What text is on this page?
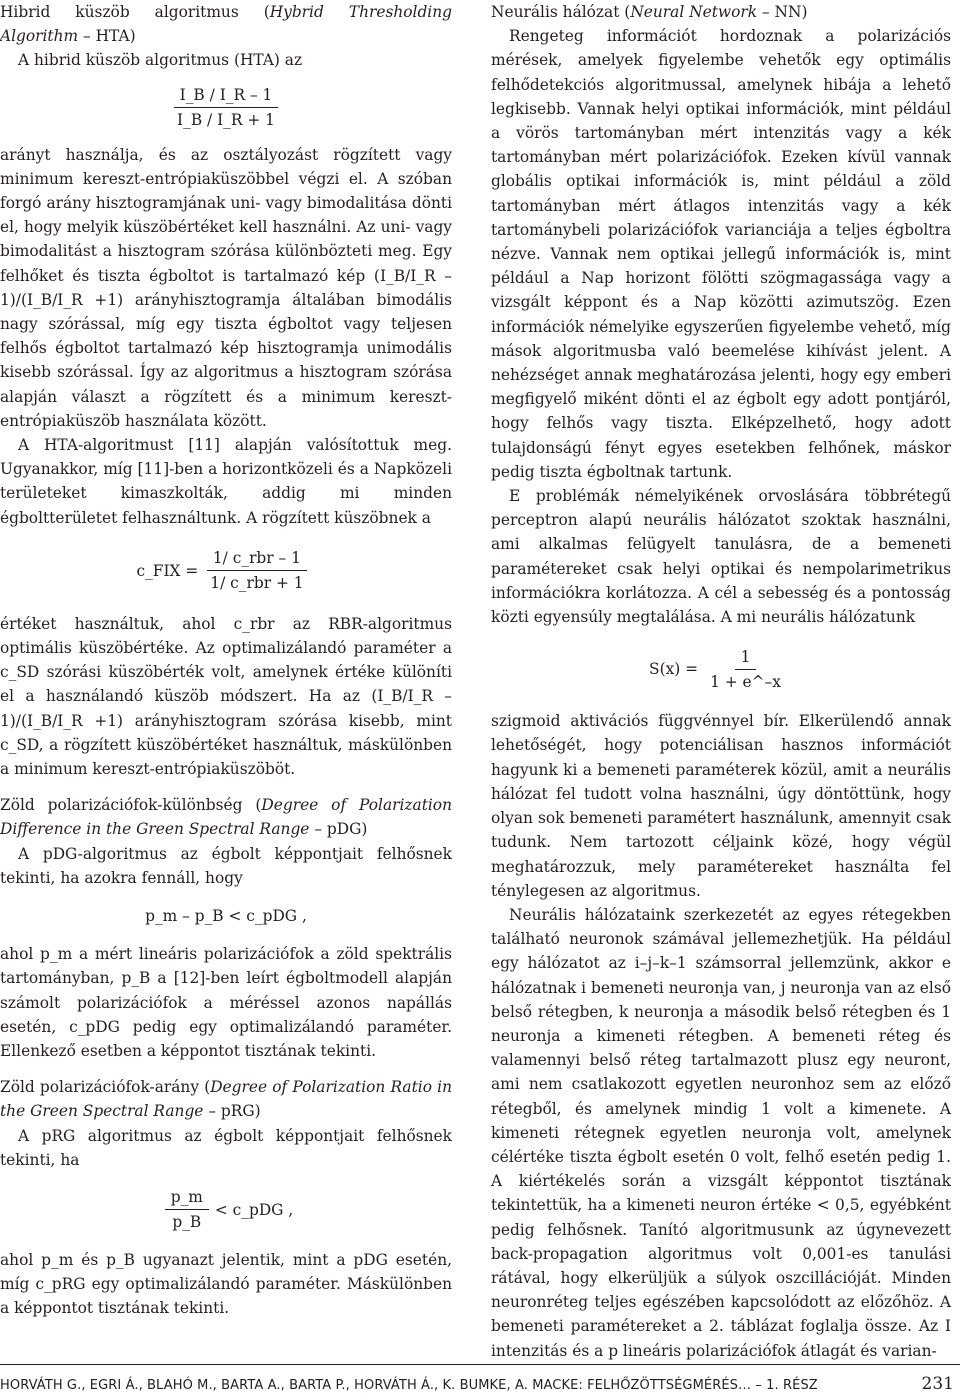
Hibrid küszöb algoritmus (Hybrid Thresholding Algorithm – HTA)

A hibrid küszöb algoritmus (HTA) az

$\frac{I\_B / I\_R - 1}{I\_B / I\_R + 1}$

arányt használja, és az osztályozást rögzített vagy minimum kereszt-entrópiaküszöbbel végzi el. A szóban forgó arány hisztogramjának uni- vagy bimodalitása dönti el, hogy melyik küszöbértéket kell használni. Az uni- vagy bimodalitást a hisztogram szórása különbözteti meg. Egy felhőket és tiszta égboltot is tartalmazó kép (I_B/I_R – 1)/(I_B/I_R +1) arányhisztogramja általában bimodális nagy szórással, míg egy tiszta égboltot vagy teljesen felhős égboltot tartalmazó kép hisztogramja unimodális kisebb szórással. Így az algoritmus a hisztogram szórása alapján választ a rögzített és a minimum kereszt-entrópiaküszöb használata között.

A HTA-algoritmust [11] alapján valósítottuk meg. Ugyanakkor, míg [11]-ben a horizontközeli és a Napközeli területeket kimaszkolták, addig mi minden égboltterületet felhasználtunk. A rögzített küszöbnek a

c_FIX = $\frac{\text{1/ c\_rbr – 1}}{\text{1/ c\_rbr + 1}}$

értéket használtuk, ahol c_rbr az RBR-algoritmus optimális küszöbértéke. Az optimalizálandó paraméter a c_SD szórási küszöbérték volt, amelynek értéke különíti el a használandó küszöb módszert. Ha az (I_B/I_R – 1)/(I_B/I_R +1) arányhisztogram szórása kisebb, mint c_SD, a rögzített küszöbértéket használtuk, máskülönben a minimum kereszt-entrópiaküszöböt.

Zöld polarizációfok-különbség (Degree of Polarization Difference in the Green Spectral Range – pDG)

A pDG-algoritmus az égbolt képpontjait felhősnek tekinti, ha azokra fennáll, hogy

p_m – p_B < c_pDG ,

ahol p_m a mért lineáris polarizációfok a zöld spektrális tartományban, p_B a [12]-ben leírt égboltmodell alapján számolt polarizációfok a méréssel azonos napállás esetén, c_pDG pedig egy optimalizálandó paraméter. Ellenkező esetben a képpontot tisztának tekinti.

Zöld polarizációfok-arány (Degree of Polarization Ratio in the Green Spectral Range – pRG)

A pRG algoritmus az égbolt képpontjait felhősnek tekinti, ha

$\frac{p\_m}{p\_B}$ < c_pDG ,

ahol p_m és p_B ugyanazt jelentik, mint a pDG esetén, míg c_pRG egy optimalizálandó paraméter. Máskülönben a képpontot tisztának tekinti.

Neurális hálózat (Neural Network – NN)

Rengeteg információt hordoznak a polarizációs mérések, amelyek figyelembe vehetők egy optimális felhődetekciós algoritmussal, amelynek hibája a lehető legkisebb. Vannak helyi optikai információk, mint például a vörös tartományban mért intenzitás vagy a kék tartományban mért polarizációfok. Ezeken kívül vannak globális optikai információk is, mint például a zöld tartományban mért átlagos intenzitás vagy a kék tartománybeli polarizációfok varianciája a teljes égboltra nézve. Vannak nem optikai jellegű információk is, mint például a Nap horizont fölötti szögmagassága vagy a vizsgált képpont és a Nap közötti azimutszög. Ezen információk némelyike egyszerűen figyelembe vehető, míg mások algoritmusba való beemelése kihívást jelent. A nehézséget annak meghatározása jelenti, hogy egy emberi megfigyelő miként dönti el az égbolt egy adott pontjáról, hogy felhős vagy tiszta. Elképzelhető, hogy adott tulajdonságú fényt egyes esetekben felhőnek, máskor pedig tiszta égboltnak tartunk.

E problémák némelyikének orvoslására többrétegű perceptron alapú neurális hálózatot szoktak használni, ami alkalmas felügyelt tanulásra, de a bemeneti paramétereket csak helyi optikai és nempolarimetrikus információkra korlátozza. A cél a sebesség és a pontosság közti egyensúly megtalálása. A mi neurális hálózatunk

$S(x) = \frac{1}{1 + e\^{}-x}$

szigmoid aktivációs függvénnyel bír. Elkerülendő annak lehetőségét, hogy potenciálisan hasznos információt hagyunk ki a bemeneti paraméterek közül, amit a neurális hálózat fel tudott volna használni, úgy döntöttünk, hogy olyan sok bemeneti paramétert használunk, amennyit csak tudunk. Nem tartozott céljaink közé, hogy végül meghatározzuk, mely paramétereket használta fel ténylegesen az algoritmus.

Neurális hálózataink szerkezetét az egyes rétegekben található neuronok számával jellemezhetjük. Ha például egy hálózatot az i–j–k–1 számsorral jellemzünk, akkor e hálózatnak i bemeneti neuronja van, j neuronja van az első belső rétegben, k neuronja a második belső rétegben és 1 neuronja a kimeneti rétegben. A bemeneti réteg és valamennyi belső réteg tartalmazott plusz egy neuront, ami nem csatlakozott egyetlen neuronhoz sem az előző rétegből, és amelynek mindig 1 volt a kimenete. A kimeneti rétegnek egyetlen neuronja volt, amelynek célértéke tiszta égbolt esetén 0 volt, felhő esetén pedig 1. A kiértékelés során a vizsgált képpontot tisztának tekintettük, ha a kimeneti neuron értéke < 0,5, egyébként pedig felhősnek. Tanító algoritmusunk az úgynevezett back-propagation algoritmus volt 0,001-es tanulási rátával, hogy elkerüljük a súlyok oszcillációját. Minden neuronréteg teljes egészében kapcsolódott az előzőhöz. A bemeneti paramétereket a 2. táblázat foglalja össze. Az I intenzitás és a p lineáris polarizációfok átlagát és varian-

HORVÁTH G., EGRI Á., BLAHÓ M., BARTA A., BARTA P., HORVÁTH Á., K. BUMKE, A. MACKE: FELHŐZÖTTSÉGMÉRÉS… – 1. RÉSZ	231
